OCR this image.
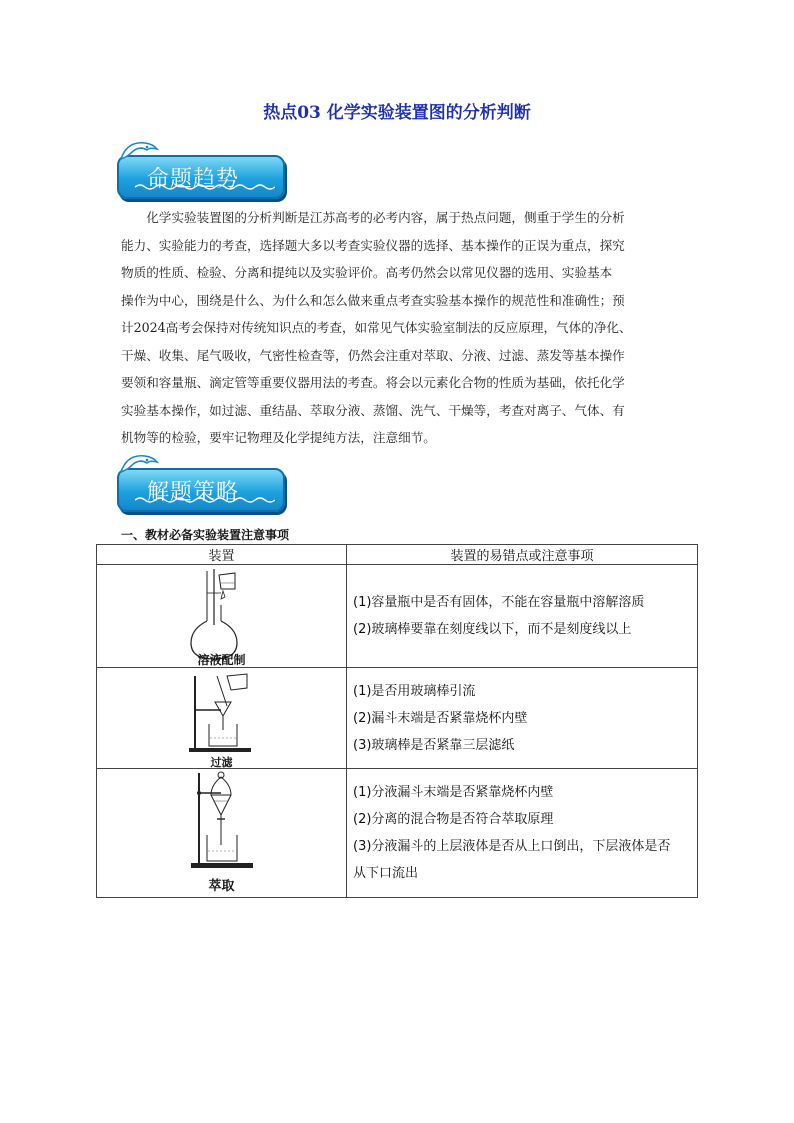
热点03 化学实验装置图的分析判断
命题趋势

化学实验装置图的分析判断是江苏高考的必考内容，属于热点问题，侧重于学生的分析

能力、实验能力的考查，选择题大多以考查实验仪器的选择、基本操作的正误为重点，探究
物质的性质、检验、分离和提纯以及实验评价。高考仍然会以常见仪器的选用、实验基本
操作为中心，围绕是什么、为什么和怎么做来重点考查实验基本操作的规范性和准确性；预
计2024高考会保持对传统知识点的考查，如常见气体实验室制法的反应原理，气体的净化、
干燥、收集、尾气吸收，气密性检查等，仍然会注重对萃取、分液、过滤、蒸发等基本操作
要领和容量瓶、滴定管等重要仪器用法的考查。将会以元素化合物的性质为基础，依托化学
实验基本操作，如过滤、重结晶、萃取分液、蒸馏、洗气、干燥等，考查对离子、气体、有
机物等的检验，要牢记物理及化学提纯方法，注意细节。
解题策略
一、教材必备实验装置注意事项
装置	装置的易错点或注意事项

溶液配制	(1)容量瓶中是否有固体，不能在容量瓶中溶解溶质
(2)玻璃棒要靠在刻度线以下，而不是刻度线以上

过滤	(1)是否用玻璃棒引流
(2)漏斗末端是否紧靠烧杯内壁
(3)玻璃棒是否紧靠三层滤纸

萃取	(1)分液漏斗末端是否紧靠烧杯内壁
(2)分离的混合物是否符合萃取原理
(3)分液漏斗的上层液体是否从上口倒出，下层液体是否
从下口流出
